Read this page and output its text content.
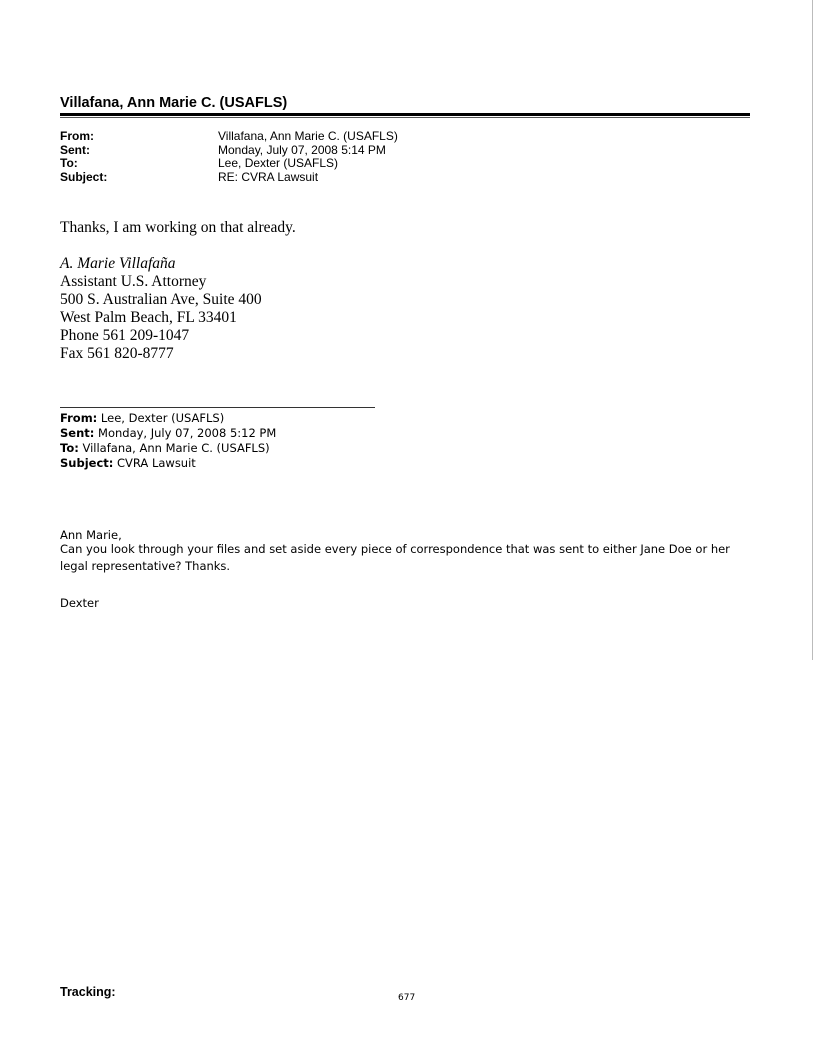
Villafana, Ann Marie C. (USAFLS)
From:	Villafana, Ann Marie C. (USAFLS)
Sent:	Monday, July 07, 2008 5:14 PM
To:	Lee, Dexter (USAFLS)
Subject:	RE: CVRA Lawsuit

Thanks, I am working on that already.

A. Marie Villafaña
Assistant U.S. Attorney
500 S. Australian Ave, Suite 400
West Palm Beach, FL 33401
Phone 561 209-1047
Fax 561 820-8777
From: Lee, Dexter (USAFLS)
Sent: Monday, July 07, 2008 5:12 PM
To: Villafana, Ann Marie C. (USAFLS)
Subject: CVRA Lawsuit

Ann Marie,

Can you look through your files and set aside every piece of correspondence that was sent to either Jane Doe or her legal representative? Thanks.

Dexter

Tracking:	677
